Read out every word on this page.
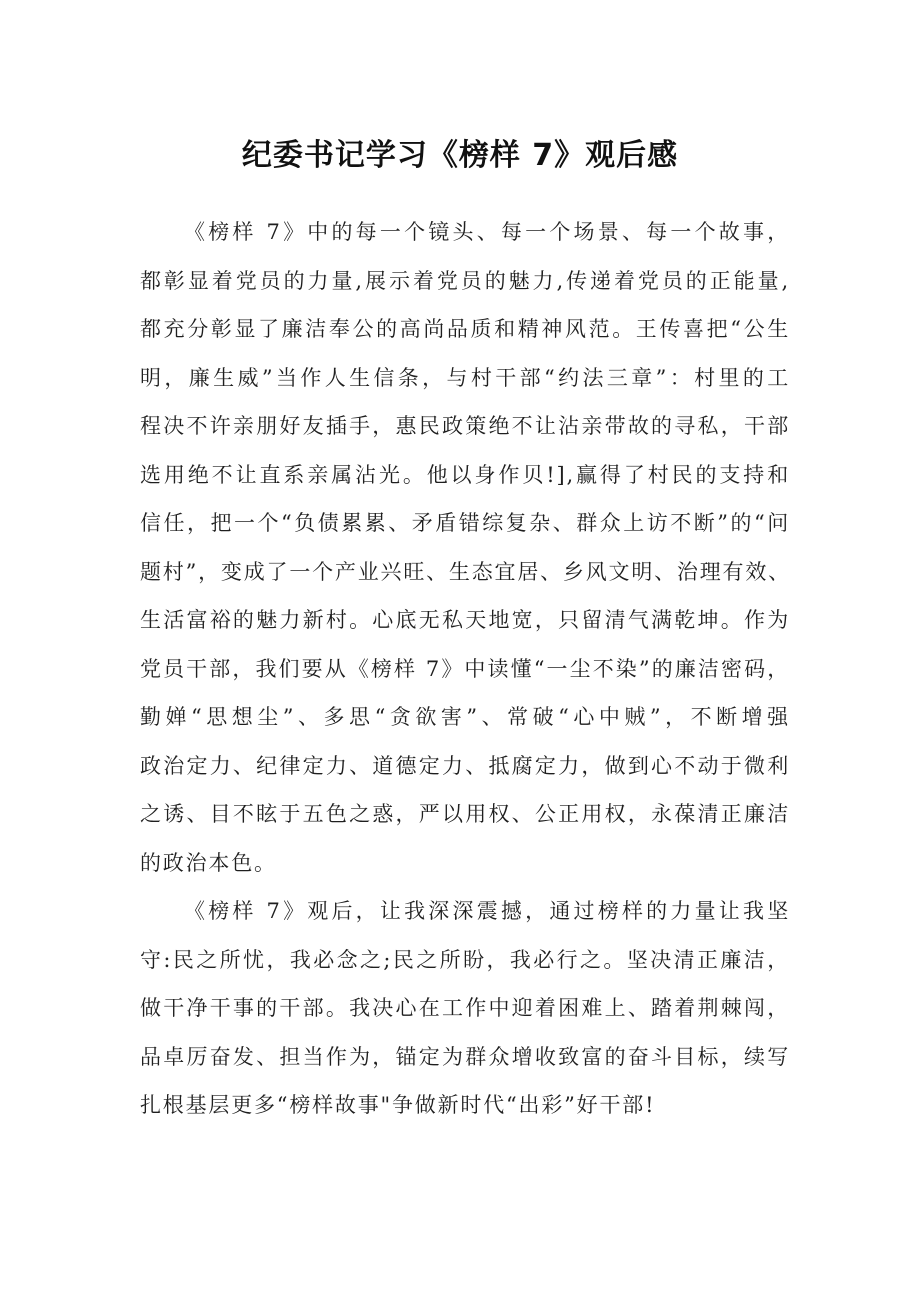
纪委书记学习《榜样 7》观后感

《榜样 7》中的每一个镜头、每一个场景、每一个故事，
都彰显着党员的力量,展示着党员的魅力,传递着党员的正能量,
都充分彰显了廉洁奉公的高尚品质和精神风范。王传喜把“公生
明，廉生威”当作人生信条，与村干部“约法三章”：村里的工
程决不许亲朋好友插手，惠民政策绝不让沾亲带故的寻私，干部
选用绝不让直系亲属沾光。他以身作贝!],赢得了村民的支持和
信任，把一个“负债累累、矛盾错综复杂、群众上访不断”的“问
题村”，变成了一个产业兴旺、生态宜居、乡风文明、治理有效、
生活富裕的魅力新村。心底无私天地宽，只留清气满乾坤。作为
党员干部，我们要从《榜样 7》中读懂“一尘不染”的廉洁密码，
勤婵“思想尘”、多思“贪欲害”、常破“心中贼”，不断增强
政治定力、纪律定力、道德定力、抵腐定力，做到心不动于微利
之诱、目不眩于五色之惑，严以用权、公正用权，永葆清正廉洁
的政治本色。

《榜样 7》观后，让我深深震撼，通过榜样的力量让我坚
守:民之所忧，我必念之;民之所盼，我必行之。坚决清正廉洁，
做干净干事的干部。我决心在工作中迎着困难上、踏着荆棘闯，
品卓厉奋发、担当作为，锚定为群众增收致富的奋斗目标，续写
扎根基层更多“榜样故事"争做新时代“出彩”好干部!
